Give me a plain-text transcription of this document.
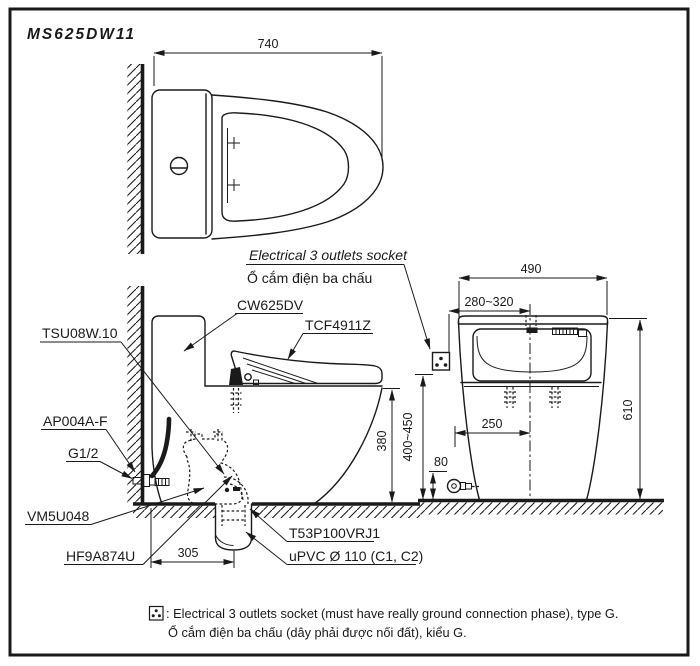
MS625DW11
740
380
305
Electrical 3 outlets socket
Ổ cắm điện ba chấu
CW625DV
TCF4911Z
TSU08W.10
AP004A-F
G1/2
VM5U048
HF9A874U
T53P100VRJ1
uPVC Ø 110 (C1, C2)
490
280~320
400~450
610
250
80
: Electrical 3 outlets socket (must have really ground connection phase), type G.
Ổ cắm điện ba chấu (dây phải được nối đất), kiểu G.
